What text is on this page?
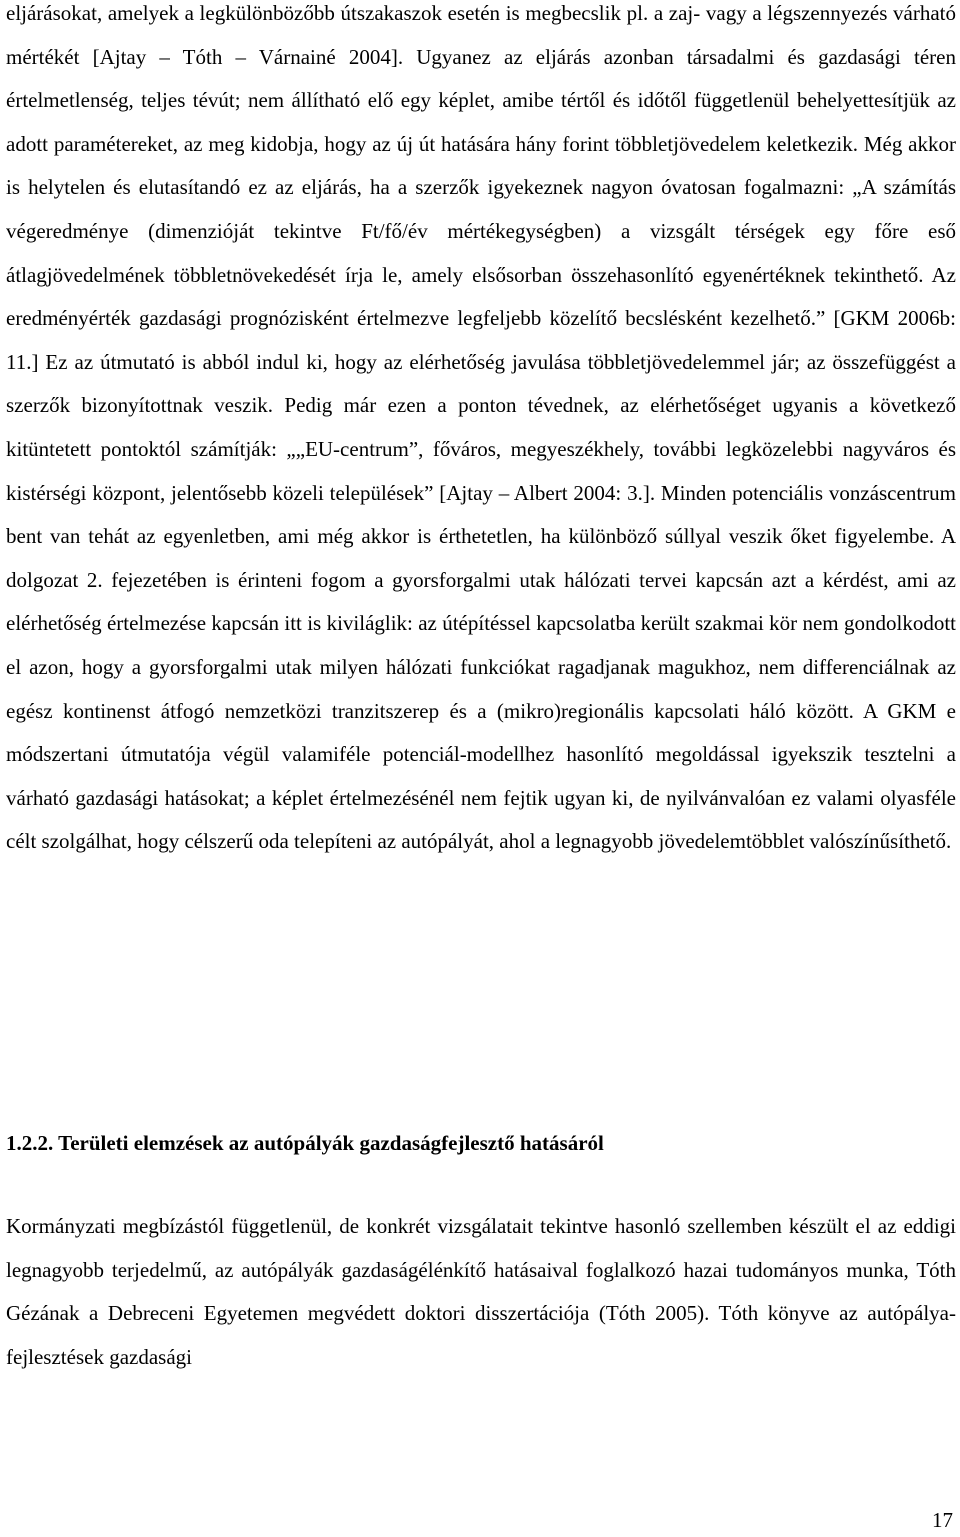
eljárásokat, amelyek a legkülönbözőbb útszakaszok esetén is megbecslik pl. a zaj- vagy a légszennyezés várható mértékét [Ajtay – Tóth – Várnainé 2004]. Ugyanez az eljárás azonban társadalmi és gazdasági téren értelmetlenség, teljes tévút; nem állítható elő egy képlet, amibe tértől és időtől függetlenül behelyettesítjük az adott paramétereket, az meg kidobja, hogy az új út hatására hány forint többletjövedelem keletkezik. Még akkor is helytelen és elutasítandó ez az eljárás, ha a szerzők igyekeznek nagyon óvatosan fogalmazni: „A számítás végeredménye (dimenzióját tekintve Ft/fő/év mértékegységben) a vizsgált térségek egy főre eső átlagjövedelmének többletnövekedését írja le, amely elsősorban összehasonlító egyenértéknek tekinthető. Az eredményérték gazdasági prognózisként értelmezve legfeljebb közelítő becslésként kezelhető.” [GKM 2006b: 11.] Ez az útmutató is abból indul ki, hogy az elérhetőség javulása többletjövedelemmel jár; az összefüggést a szerzők bizonyítottnak veszik. Pedig már ezen a ponton tévednek, az elérhetőséget ugyanis a következő kitüntetett pontoktól számítják: „„EU-centrum”, főváros, megyeszékhely, további legközelebbi nagyváros és kistérségi központ, jelentősebb közeli települések” [Ajtay – Albert 2004: 3.]. Minden potenciális vonzáscentrum bent van tehát az egyenletben, ami még akkor is érthetetlen, ha különböző súllyal veszik őket figyelembe. A dolgozat 2. fejezetében is érinteni fogom a gyorsforgalmi utak hálózati tervei kapcsán azt a kérdést, ami az elérhetőség értelmezése kapcsán itt is kiviláglik: az útépítéssel kapcsolatba került szakmai kör nem gondolkodott el azon, hogy a gyorsforgalmi utak milyen hálózati funkciókat ragadjanak magukhoz, nem differenciálnak az egész kontinenst átfogó nemzetközi tranzitszerep és a (mikro)regionális kapcsolati háló között. A GKM e módszertani útmutatója végül valamiféle potenciál-modellhez hasonlító megoldással igyekszik tesztelni a várható gazdasági hatásokat; a képlet értelmezésénél nem fejtik ugyan ki, de nyilvánvalóan ez valami olyasféle célt szolgálhat, hogy célszerű oda telepíteni az autópályát, ahol a legnagyobb jövedelemtöbblet valószínűsíthető.

1.2.2. Területi elemzések az autópályák gazdaságfejlesztő hatásáról

Kormányzati megbízástól függetlenül, de konkrét vizsgálatait tekintve hasonló szellemben készült el az eddigi legnagyobb terjedelmű, az autópályák gazdaságélénkítő hatásaival foglalkozó hazai tudományos munka, Tóth Gézának a Debreceni Egyetemen megvédett doktori disszertációja (Tóth 2005). Tóth könyve az autópálya-fejlesztések gazdasági

17
